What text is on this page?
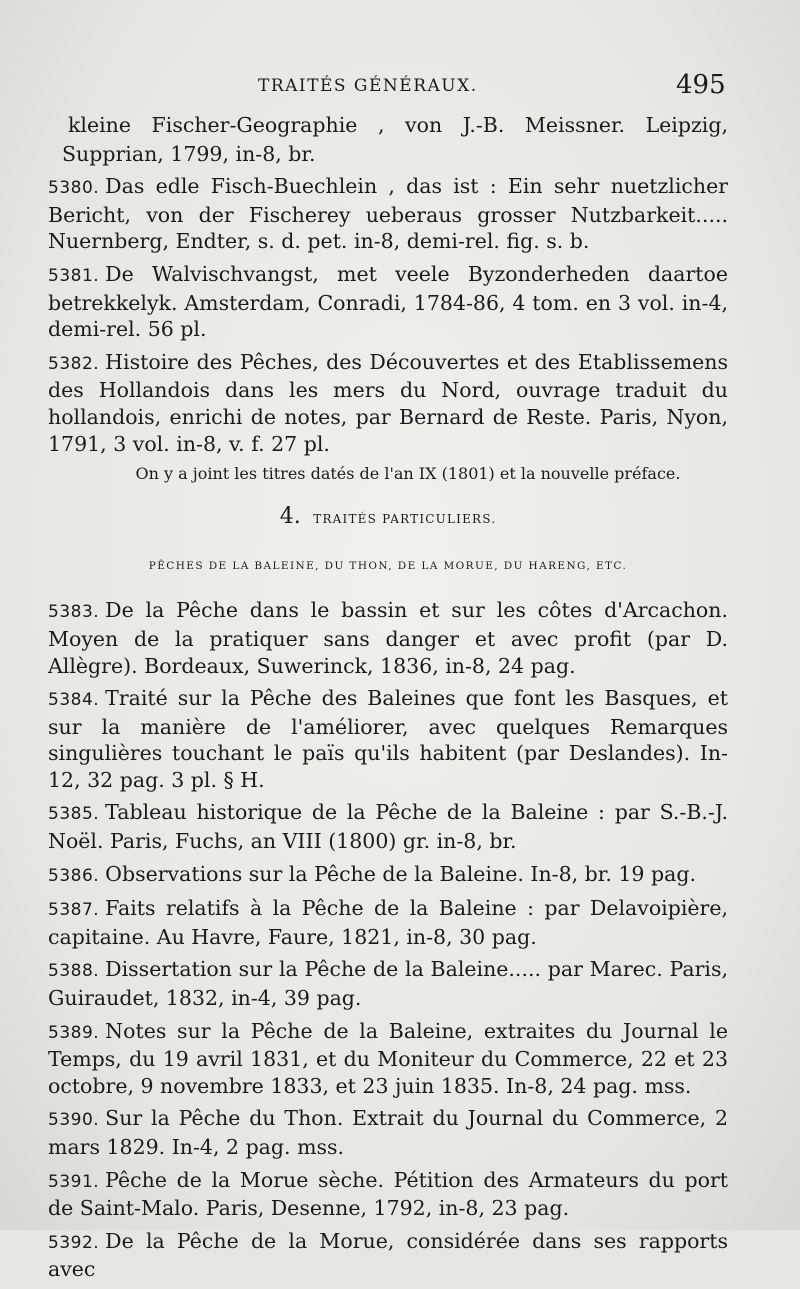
TRAITÉS GÉNÉRAUX.	495

kleine Fischer-Geographie , von J.-B. Meissner. Leipzig, Supprian, 1799, in-8, br.

5380. Das edle Fisch-Buechlein , das ist : Ein sehr nuetzlicher Bericht, von der Fischerey ueberaus grosser Nutzbarkeit..... Nuernberg, Endter, s. d. pet. in-8, demi-rel. fig. s. b.

5381. De Walvischvangst, met veele Byzonderheden daartoe betrekkelyk. Amsterdam, Conradi, 1784-86, 4 tom. en 3 vol. in-4, demi-rel. 56 pl.

5382. Histoire des Pêches, des Découvertes et des Etablissemens des Hollandois dans les mers du Nord, ouvrage traduit du hollandois, enrichi de notes, par Bernard de Reste. Paris, Nyon, 1791, 3 vol. in-8, v. f. 27 pl.

On y a joint les titres datés de l'an IX (1801) et la nouvelle préface.

4. TRAITÉS PARTICULIERS.
PÊCHES DE LA BALEINE, DU THON, DE LA MORUE, DU HARENG, ETC.

5383. De la Pêche dans le bassin et sur les côtes d'Arcachon. Moyen de la pratiquer sans danger et avec profit (par D. Allègre). Bordeaux, Suwerinck, 1836, in-8, 24 pag.

5384. Traité sur la Pêche des Baleines que font les Basques, et sur la manière de l'améliorer, avec quelques Remarques singulières touchant le païs qu'ils habitent (par Deslandes). In-12, 32 pag. 3 pl. § H.

5385. Tableau historique de la Pêche de la Baleine : par S.-B.-J. Noël. Paris, Fuchs, an VIII (1800) gr. in-8, br.

5386. Observations sur la Pêche de la Baleine. In-8, br. 19 pag.

5387. Faits relatifs à la Pêche de la Baleine : par Delavoipière, capitaine. Au Havre, Faure, 1821, in-8, 30 pag.

5388. Dissertation sur la Pêche de la Baleine..... par Marec. Paris, Guiraudet, 1832, in-4, 39 pag.

5389. Notes sur la Pêche de la Baleine, extraites du Journal le Temps, du 19 avril 1831, et du Moniteur du Commerce, 22 et 23 octobre, 9 novembre 1833, et 23 juin 1835. In-8, 24 pag. mss.

5390. Sur la Pêche du Thon. Extrait du Journal du Commerce, 2 mars 1829. In-4, 2 pag. mss.

5391. Pêche de la Morue sèche. Pétition des Armateurs du port de Saint-Malo. Paris, Desenne, 1792, in-8, 23 pag.

5392. De la Pêche de la Morue, considérée dans ses rapports avec
